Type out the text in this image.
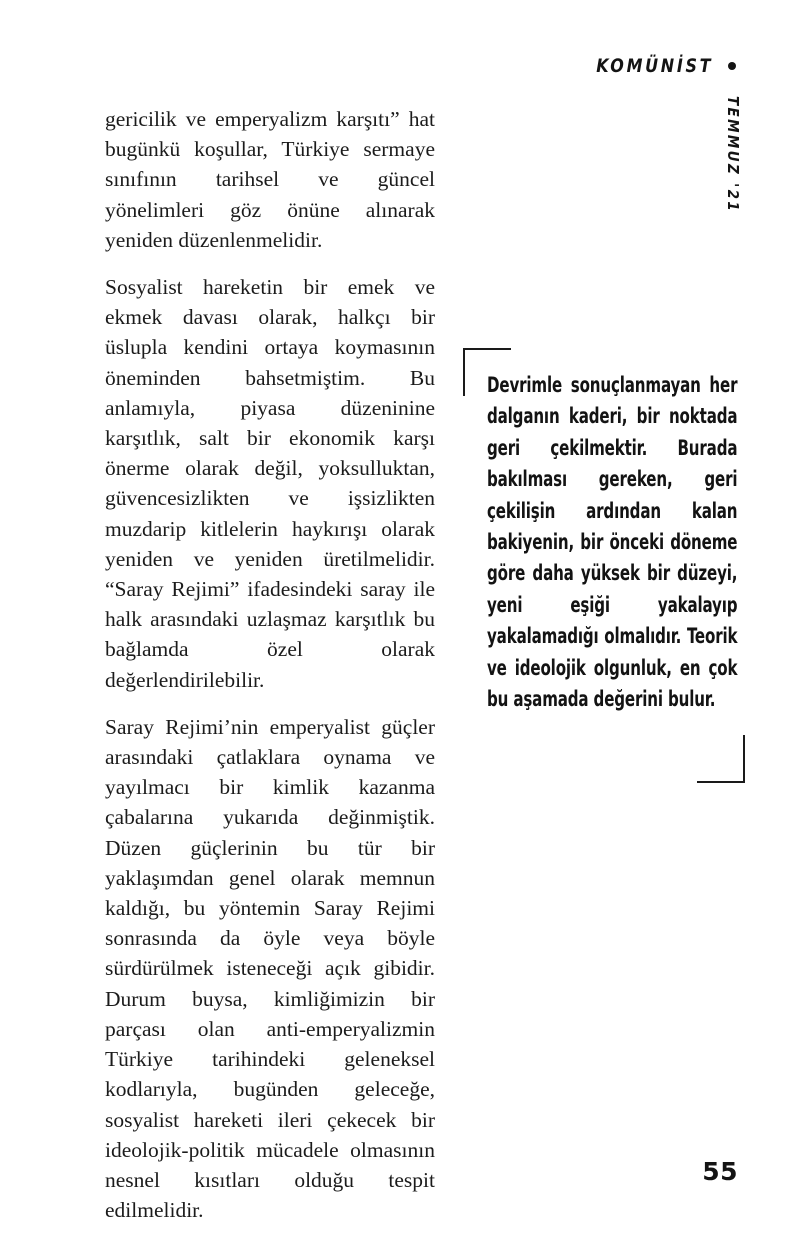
KOMÜNİST
TEMMUZ '21

gericilik ve emperyalizm karşıtı” hat bugünkü koşullar, Türkiye sermaye sınıfının tarihsel ve güncel yönelimleri göz önüne alınarak yeniden düzenlenmelidir.

Sosyalist hareketin bir emek ve ekmek davası olarak, halkçı bir üslupla kendini ortaya koymasının öneminden bahsetmiştim. Bu anlamıyla, piyasa düzeninine karşıtlık, salt bir ekonomik karşı önerme olarak değil, yoksulluktan, güvencesizlikten ve işsizlikten muzdarip kitlelerin haykırışı olarak yeniden ve yeniden üretilmelidir. “Saray Rejimi” ifadesindeki saray ile halk arasındaki uzlaşmaz karşıtlık bu bağlamda özel olarak değerlendirilebilir.

Saray Rejimi’nin emperyalist güçler arasındaki çatlaklara oynama ve yayılmacı bir kimlik kazanma çabalarına yukarıda değinmiştik. Düzen güçlerinin bu tür bir yaklaşımdan genel olarak memnun kaldığı, bu yöntemin Saray Rejimi sonrasında da öyle veya böyle sürdürülmek isteneceği açık gibidir. Durum buysa, kimliğimizin bir parçası olan anti-emperyalizmin Türkiye tarihindeki geleneksel kodlarıyla, bugünden geleceğe, sosyalist hareketi ileri çekecek bir ideolojik-politik mücadele olmasının nesnel kısıtları olduğu tespit edilmelidir.

Devrimle sonuçlanmayan her dalganın kaderi, bir noktada geri çekilmektir. Burada bakılması gereken, geri çekilişin ardından kalan bakiyenin, bir önceki döneme göre daha yüksek bir düzeyi, yeni eşiği yakalayıp yakalamadığı olmalıdır. Teorik ve ideolojik olgunluk, en çok bu aşamada değerini bulur.

55
